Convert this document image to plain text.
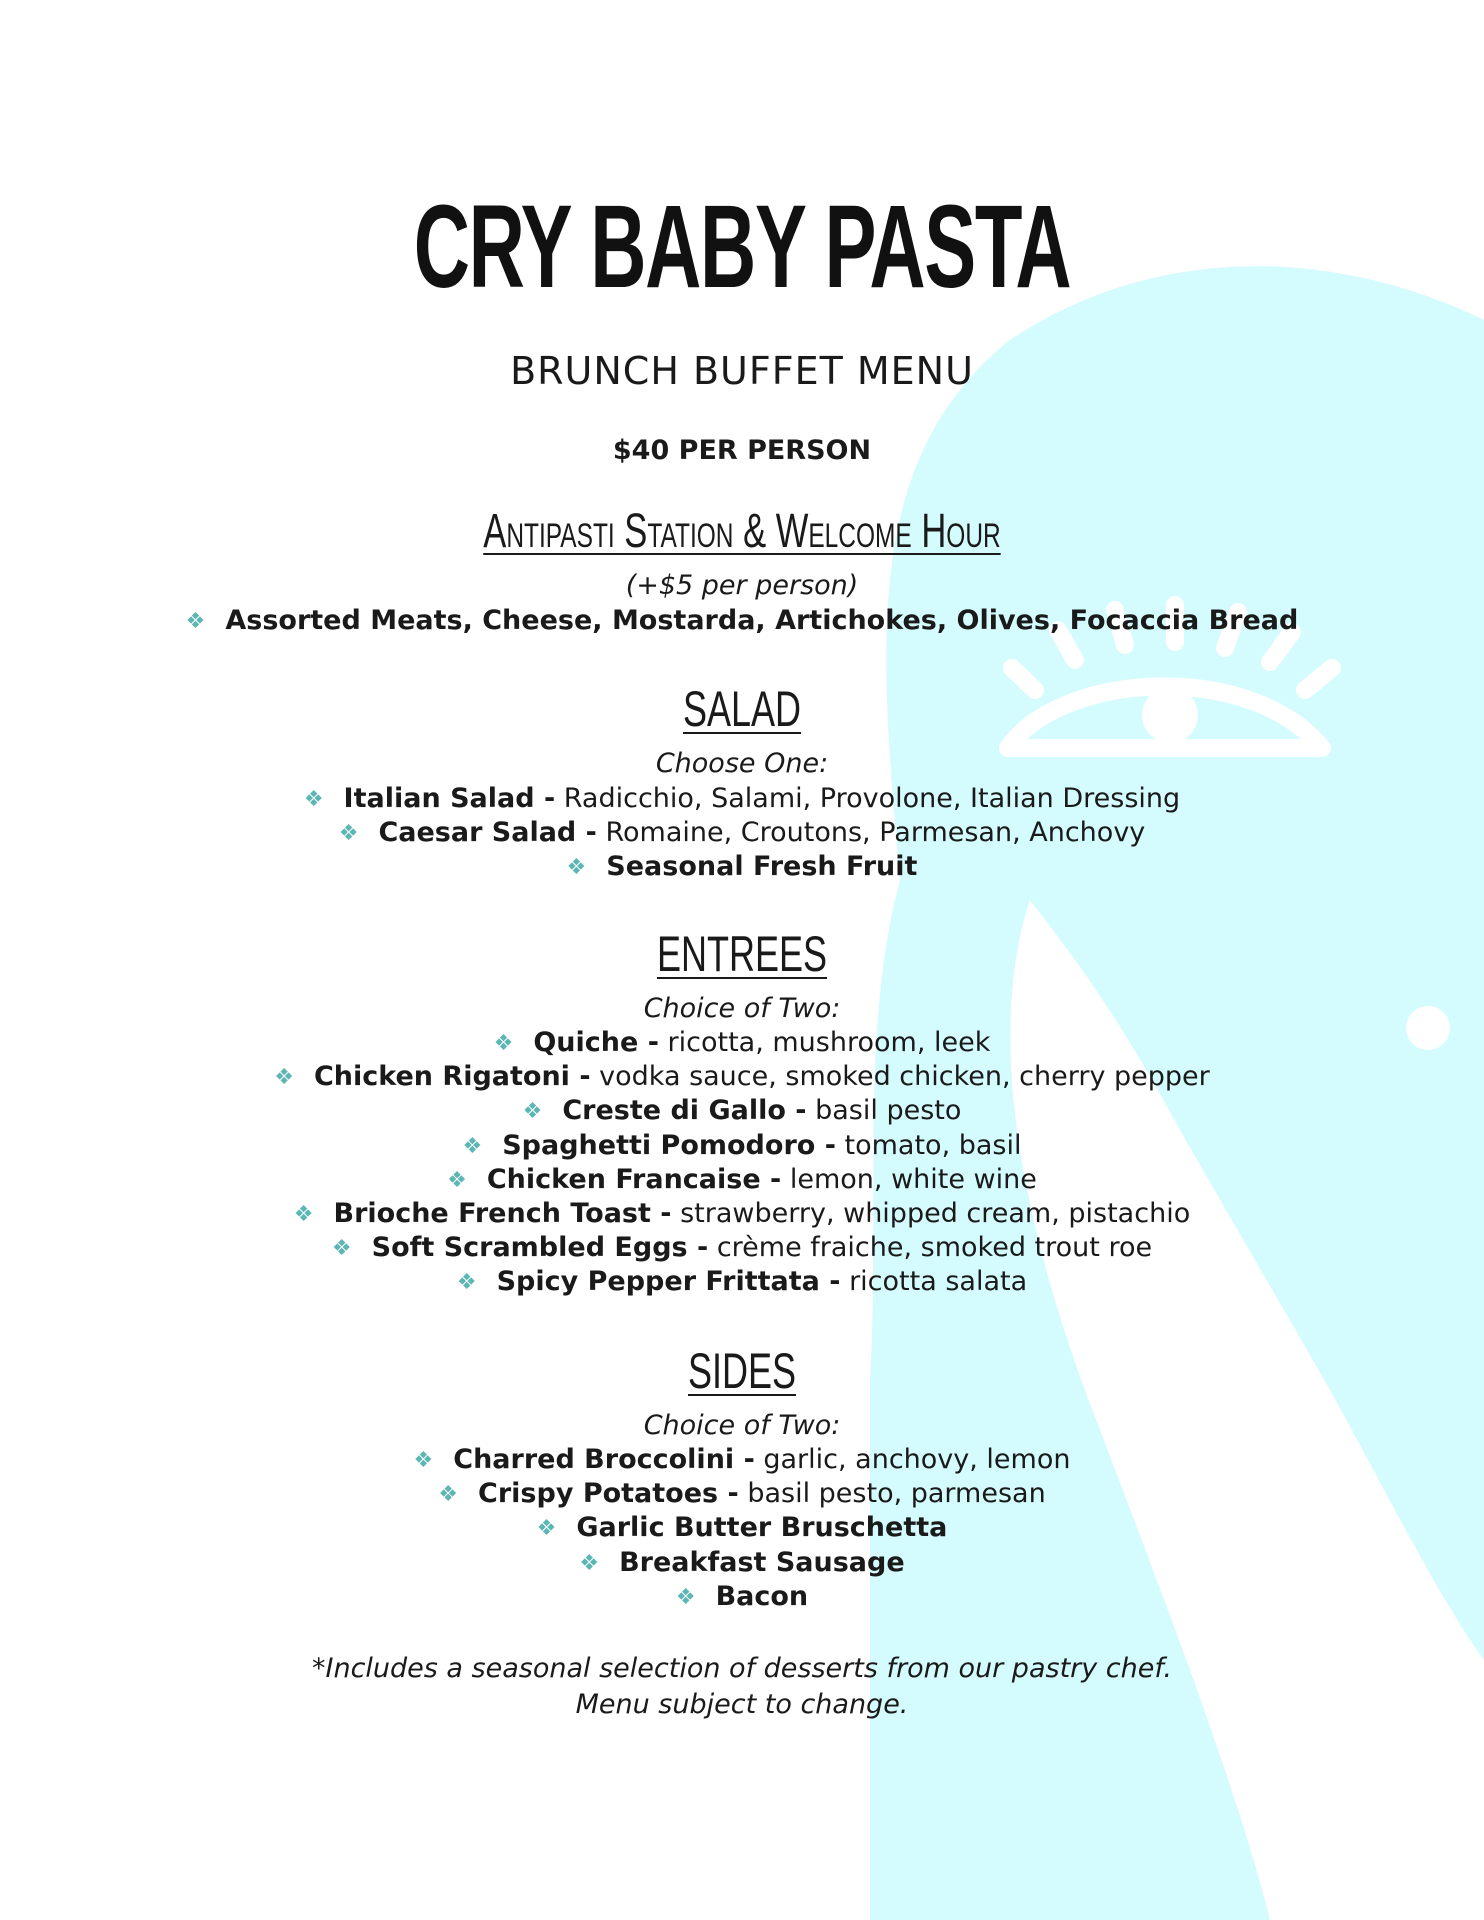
CRY BABY PASTA
BRUNCH BUFFET MENU

$40 PER PERSON

Antipasti Station & Welcome Hour

(+$5 per person)

❖ Assorted Meats, Cheese, Mostarda, Artichokes, Olives, Focaccia Bread
SALAD

Choose One:

❖ Italian Salad - Radicchio, Salami, Provolone, Italian Dressing
❖ Caesar Salad - Romaine, Croutons, Parmesan, Anchovy
❖ Seasonal Fresh Fruit
ENTREES

Choice of Two:

❖ Quiche - ricotta, mushroom, leek
❖ Chicken Rigatoni - vodka sauce, smoked chicken, cherry pepper
❖ Creste di Gallo - basil pesto
❖ Spaghetti Pomodoro - tomato, basil
❖ Chicken Francaise - lemon, white wine
❖ Brioche French Toast - strawberry, whipped cream, pistachio
❖ Soft Scrambled Eggs - crème fraiche, smoked trout roe
❖ Spicy Pepper Frittata - ricotta salata
SIDES

Choice of Two:

❖ Charred Broccolini - garlic, anchovy, lemon
❖ Crispy Potatoes - basil pesto, parmesan
❖ Garlic Butter Bruschetta
❖ Breakfast Sausage
❖ Bacon

*Includes a seasonal selection of desserts from our pastry chef.
Menu subject to change.
